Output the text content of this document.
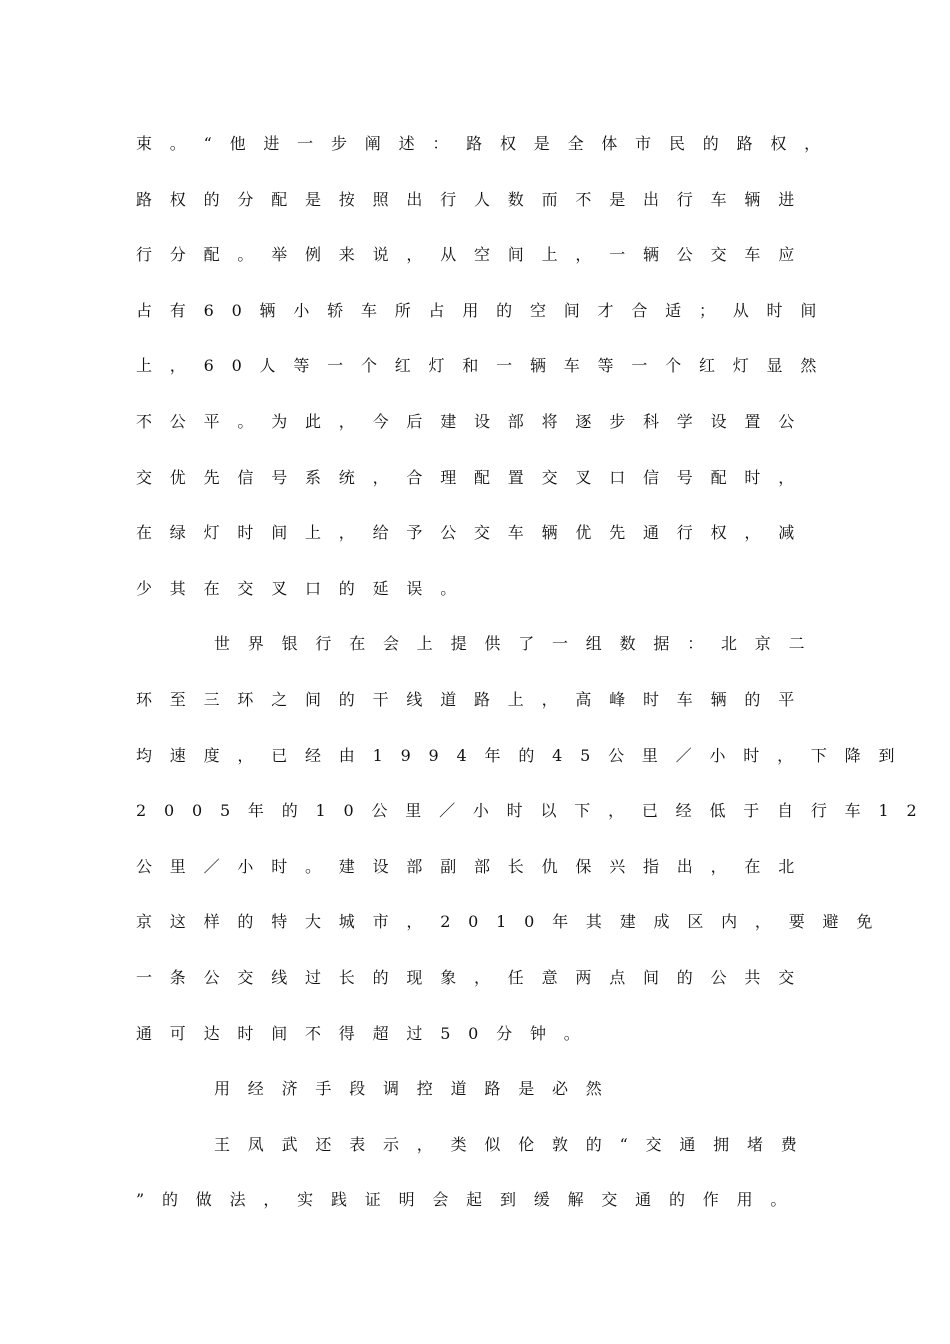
束。“他进一步阐述：路权是全体市民的路权，
路权的分配是按照出行人数而不是出行车辆进
行分配。举例来说，从空间上，一辆公交车应
占有60辆小轿车所占用的空间才合适；从时间
上，60人等一个红灯和一辆车等一个红灯显然
不公平。为此，今后建设部将逐步科学设置公
交优先信号系统，合理配置交叉口信号配时，
在绿灯时间上，给予公交车辆优先通行权，减
少其在交叉口的延误。
世界银行在会上提供了一组数据：北京二
环至三环之间的干线道路上，高峰时车辆的平
均速度，已经由1994年的45公里／小时，下降到
2005年的10公里／小时以下，已经低于自行车12
公里／小时。建设部副部长仇保兴指出，在北
京这样的特大城市，2010年其建成区内，要避免
一条公交线过长的现象，任意两点间的公共交
通可达时间不得超过50分钟。
用经济手段调控道路是必然
王凤武还表示，类似伦敦的“交通拥堵费
”的做法，实践证明会起到缓解交通的作用。
